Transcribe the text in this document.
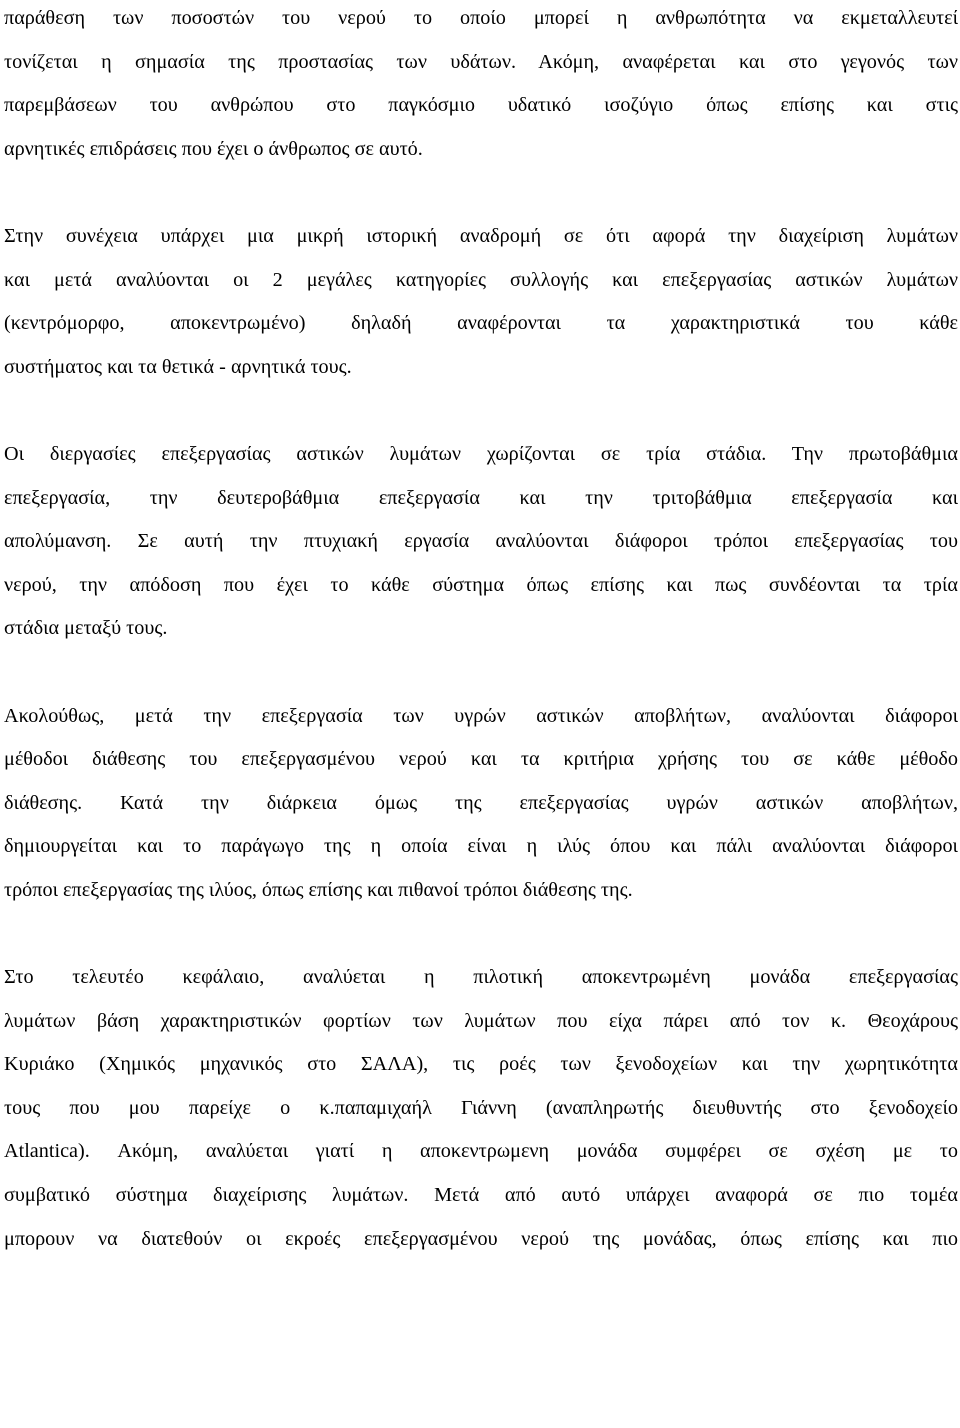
παράθεση των ποσοστών του νερού το οποίο μπορεί η ανθρωπότητα να εκμεταλλευτεί
τονίζεται η σημασία της προστασίας των υδάτων. Ακόμη, αναφέρεται και στο γεγονός των
παρεμβάσεων του ανθρώπου στο παγκόσμιο υδατικό ισοζύγιο όπως επίσης και στις
αρνητικές επιδράσεις που έχει ο άνθρωπος σε αυτό.
Στην συνέχεια υπάρχει μια μικρή ιστορική αναδρομή σε ότι αφορά την διαχείριση λυμάτων
και μετά αναλύονται οι 2 μεγάλες κατηγορίες συλλογής και επεξεργασίας αστικών λυμάτων
(κεντρόμορφο, αποκεντρωμένο) δηλαδή αναφέρονται τα χαρακτηριστικά του κάθε
συστήματος και τα θετικά - αρνητικά τους.
Οι διεργασίες επεξεργασίας αστικών λυμάτων χωρίζονται σε τρία στάδια. Την πρωτοβάθμια
επεξεργασία, την δευτεροβάθμια επεξεργασία και την τριτοβάθμια επεξεργασία και
απολύμανση. Σε αυτή την πτυχιακή εργασία αναλύονται διάφοροι τρόποι επεξεργασίας του
νερού, την απόδοση που έχει το κάθε σύστημα όπως επίσης και πως συνδέονται τα τρία
στάδια μεταξύ τους.
Ακολούθως, μετά την επεξεργασία των υγρών αστικών αποβλήτων, αναλύονται διάφοροι
μέθοδοι διάθεσης του επεξεργασμένου νερού και τα κριτήρια χρήσης του σε κάθε μέθοδο
διάθεσης. Κατά την διάρκεια όμως της επεξεργασίας υγρών αστικών αποβλήτων,
δημιουργείται και το παράγωγο της η οποία είναι η ιλύς όπου και πάλι αναλύονται διάφοροι
τρόποι επεξεργασίας της ιλύος, όπως επίσης και πιθανοί τρόποι διάθεσης της.
Στο τελευτέο κεφάλαιο, αναλύεται η πιλοτική αποκεντρωμένη μονάδα επεξεργασίας
λυμάτων βάση χαρακτηριστικών φορτίων των λυμάτων που είχα πάρει από τον κ. Θεοχάρους
Κυριάκο (Χημικός μηχανικός στο ΣΑΛΑ), τις ροές των ξενοδοχείων και την χωρητικότητα
τους που μου παρείχε ο κ.παπαμιχαήλ Γιάννη (αναπληρωτής διευθυντής στο ξενοδοχείο
Atlantica). Ακόμη, αναλύεται γιατί η αποκεντρωμενη μονάδα συμφέρει σε σχέση με το
συμβατικό σύστημα διαχείρισης λυμάτων. Μετά από αυτό υπάρχει αναφορά σε πιο τομέα
μπορουν να διατεθούν οι εκροές επεξεργασμένου νερού της μονάδας, όπως επίσης και πιο
